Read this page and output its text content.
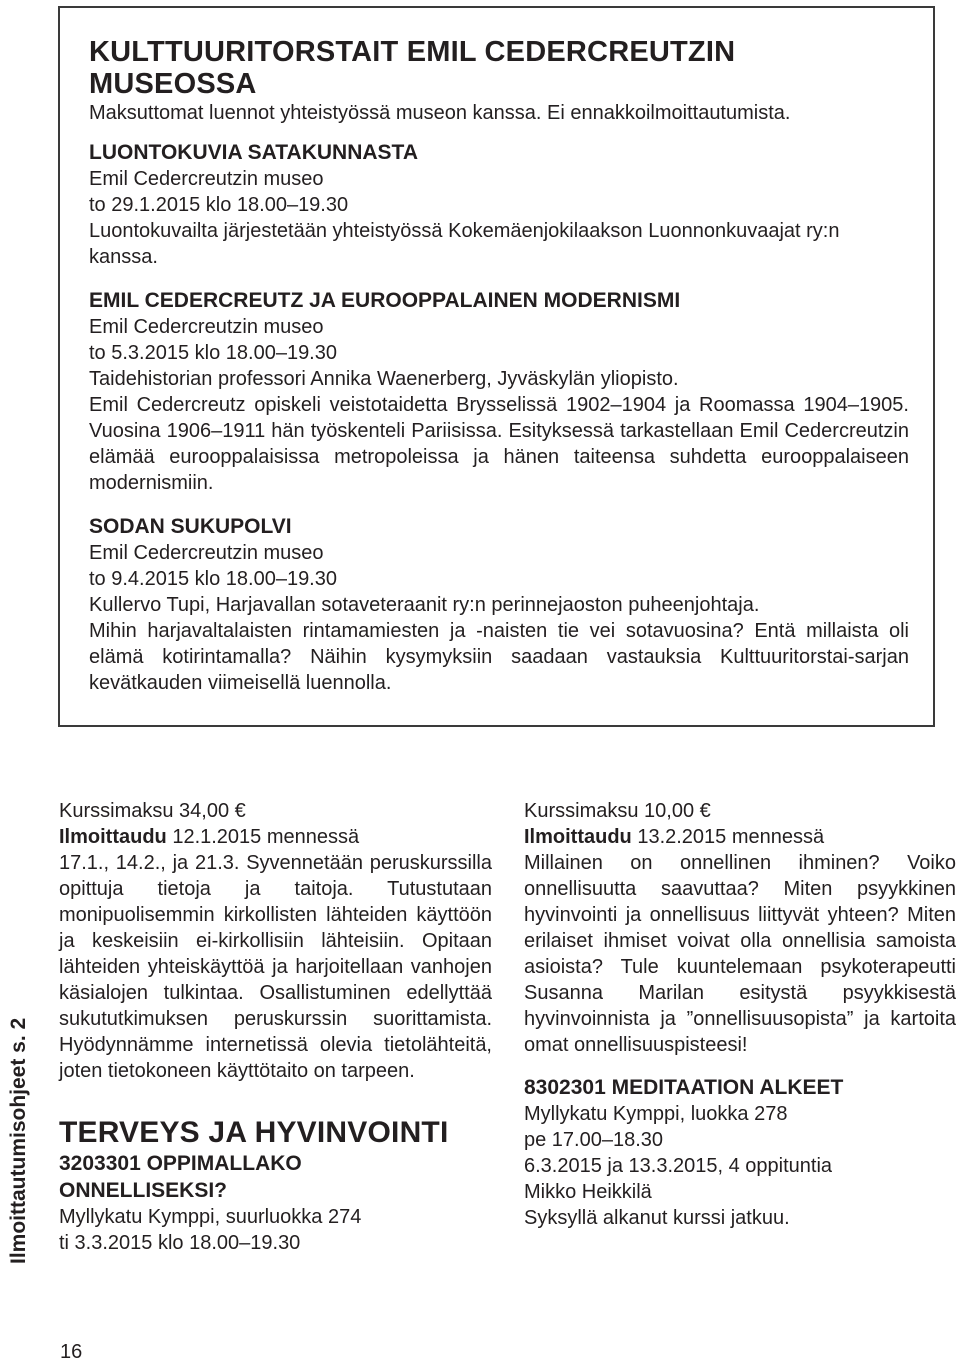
KULTTUURITORSTAIT EMIL CEDERCREUTZIN MUSEOSSA

Maksuttomat luennot yhteistyössä museon kanssa. Ei ennakkoilmoittautumista.

LUONTOKUVIA SATAKUNNASTA

Emil Cedercreutzin museo

to 29.1.2015 klo 18.00–19.30

Luontokuvailta järjestetään yhteistyössä Kokemäenjokilaakson Luonnonkuvaajat ry:n kanssa.

EMIL CEDERCREUTZ JA EUROOPPALAINEN MODERNISMI

Emil Cedercreutzin museo

to 5.3.2015 klo 18.00–19.30

Taidehistorian professori Annika Waenerberg, Jyväskylän yliopisto.

Emil Cedercreutz opiskeli veistotaidetta Brysselissä 1902–1904 ja Roomassa 1904–1905. Vuosina 1906–1911 hän työskenteli Pariisissa. Esityksessä tarkastellaan Emil Cedercreutzin elämää eurooppalaisissa metropoleissa ja hänen taiteensa suhdetta eurooppalaiseen modernismiin.

SODAN SUKUPOLVI

Emil Cedercreutzin museo

to 9.4.2015 klo 18.00–19.30

Kullervo Tupi, Harjavallan sotaveteraanit ry:n perinnejaoston puheenjohtaja.

Mihin harjavaltalaisten rintamamiesten ja -naisten tie vei sotavuosina? Entä millaista oli elämä kotirintamalla? Näihin kysymyksiin saadaan vastauksia Kulttuuritorstai-sarjan kevätkauden viimeisellä luennolla.

Kurssimaksu 34,00 €

Ilmoittaudu 12.1.2015 mennessä

17.1., 14.2., ja 21.3. Syvennetään peruskurssilla opittuja tietoja ja taitoja. Tutustutaan monipuolisemmin kirkollisten lähteiden käyttöön ja keskeisiin ei-kirkollisiin lähteisiin. Opitaan lähteiden yhteiskäyttöä ja harjoitellaan vanhojen käsialojen tulkintaa. Osallistuminen edellyttää sukututkimuksen peruskurssin suorittamista. Hyödynnämme internetissä olevia tietolähteitä, joten tietokoneen käyttötaito on tarpeen.

TERVEYS JA HYVINVOINTI

3203301 OPPIMALLAKO

ONNELLISEKSI?

Myllykatu Kymppi, suurluokka 274

ti 3.3.2015 klo 18.00–19.30

Kurssimaksu 10,00 €

Ilmoittaudu 13.2.2015 mennessä

Millainen on onnellinen ihminen? Voiko onnellisuutta saavuttaa? Miten psyykkinen hyvinvointi ja onnellisuus liittyvät yhteen? Miten erilaiset ihmiset voivat olla onnellisia samoista asioista? Tule kuuntelemaan psykoterapeutti Susanna Marilan esitystä psyykkisestä hyvinvoinnista ja ”onnellisuusopista” ja kartoita omat onnellisuuspisteesi!

8302301 MEDITAATION ALKEET

Myllykatu Kymppi, luokka 278

pe 17.00–18.30

6.3.2015 ja 13.3.2015, 4 oppituntia

Mikko Heikkilä

Syksyllä alkanut kurssi jatkuu.

Ilmoittautumisohjeet s. 2
16
